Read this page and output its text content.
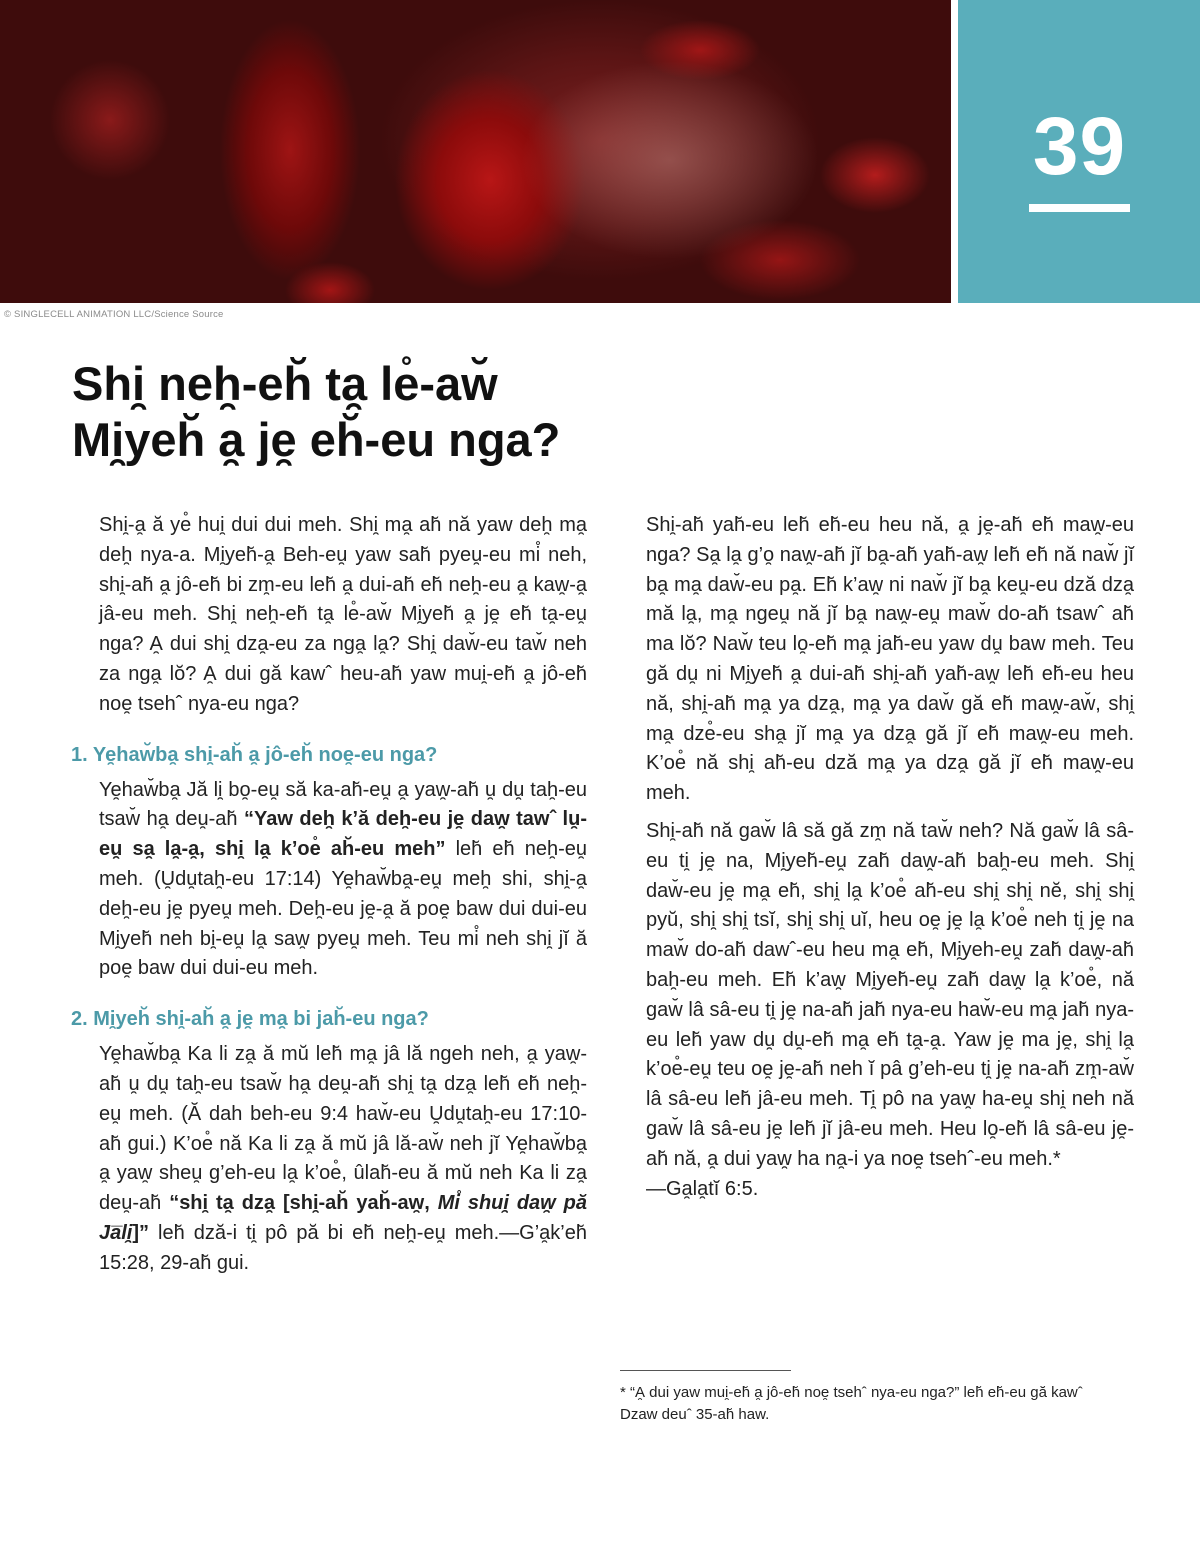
© SINGLECELL ANIMATION LLC/Science Source
39
Shi̯ neh̯-eh̆ ta̯ le̊-aw̆
Mi̯yeh̆ a̯ je̯ eh̆-eu nga?

Shi̯-a̯ ă ye̊ hui̯ dui dui meh. Shi̯ ma̯ ah̆ nă yaw deh̯ ma̯ deh̯ nya-a. Mi̯yeh̆-a̯ Beh-eu̯ yaw sah̆ pyeu̯-eu mi̊ neh, shi̯-ah̆ a̯ jô-eh̆ bi zm̯-eu leh̆ a̯ dui-ah̆ eh̆ neh̯-eu a̯ kaw̯-a̯ jâ-eu meh. Shi̯ neh̯-eh̆ ta̯ le̊-aw̆ Mi̯yeh̆ a̯ je̯ eh̆ ta̯-eu̯ nga? A̯ dui shi̯ dza̯-eu za nga̯ la̯? Shi̯ daw̆-eu taw̆ neh za nga̯ lŏ? A̯ dui gă kawˆ heu-ah̆ yaw mui̯-eh̆ a̯ jô-eh̆ noe̯ tsehˆ nya-eu nga?

1. Ye̯haw̆ba̯ shi̯-ah̆ a̯ jô-eh̆ noe̯-eu nga?

Ye̯haw̆ba̯ Jă li̯ bo̯-eu̯ să ka-ah̆-eu̯ a̯ yaw̯-ah̆ u̯ du̯ tah̯-eu tsaw̆ ha̯ deu̯-ah̆ “Yaw deh̯ k’ă deh̯-eu je̯ daw̯ tawˆ lu̯-eu̯ sa̯ la̯-a̯, shi̯ la̯ k’oe̊ ah̆-eu meh” leh̆ eh̆ neh̯-eu̯ meh. (U̯du̯tah̯-eu 17:14) Ye̯haw̆ba̯-eu̯ meh̯ shi, shi̯-a̯ deh̯-eu je̯ pyeu̯ meh. Deh̯-eu je̯-a̯ ă poe̯ baw dui dui-eu Mi̯yeh̆ neh bi̯-eu̯ la̯ saw̯ pyeu̯ meh. Teu mi̊ neh shi̯ jĭ ă poe̯ baw dui dui-eu meh.

2. Mi̯yeh̆ shi̯-ah̆ a̯ je̯ ma̯ bi jah̆-eu nga?

Ye̯haw̆ba̯ Ka li za̯ ă mŭ leh̆ ma̯ jâ lă ngeh neh, a̯ yaw̯-ah̆ u̯ du̯ tah̯-eu tsaw̆ ha̯ deu̯-ah̆ shi̯ ta̯ dza̯ leh̆ eh̆ neh̯-eu̯ meh. (Ă dah beh-eu 9:4 haw̆-eu U̯du̯tah̯-eu 17:10-ah̆ gui.) K’oe̊ nă Ka li za̯ ă mŭ jâ lă-aw̆ neh jĭ Ye̯haw̆ba̯ a̯ yaw̯ sheu̯ g’eh-eu la̯ k’oe̊, ûlah̆-eu ă mŭ neh Ka li za̯ deu̯-ah̆ “shi̯ ta̯ dza̯ [shi̯-ah̆ yah̆-aw̯, Mi̊ shui̯ daw̯ pă Ja̅li̯]” leh̆ dză-i ti̯ pô pă bi eh̆ neh̯-eu̯ meh.—G’a̯k’eh̆ 15:28, 29-ah̆ gui.

Shi̯-ah̆ yah̆-eu leh̆ eh̆-eu heu nă, a̯ je̯-ah̆ eh̆ maw̯-eu nga? Sa̯ la̯ g’o̯ naw̯-ah̆ jĭ ba̯-ah̆ yah̆-aw̯ leh̆ eh̆ nă naw̆ jĭ ba̯ ma̯ daw̆-eu pa̯. Eh̆ k’aw̯ ni naw̆ jĭ ba̯ keu̯-eu dză dza̯ mă la̯, ma̯ ngeu̯ nă jĭ ba̯ naw̯-eu̯ maw̆ do-ah̆ tsawˆ ah̆ ma lŏ? Naw̆ teu lo̯-eh̆ ma̯ jah̆-eu yaw du̯ baw meh. Teu gă du̯ ni Mi̯yeh̆ a̯ dui-ah̆ shi̯-ah̆ yah̆-aw̯ leh̆ eh̆-eu heu nă, shi̯-ah̆ ma̯ ya dza̯, ma̯ ya daw̆ gă eh̆ maw̯-aw̆, shi̯ ma̯ dze̊-eu sha̯ jĭ ma̯ ya dza̯ gă jĭ eh̆ maw̯-eu meh. K’oe̊ nă shi̯ ah̆-eu dză ma̯ ya dza̯ gă jĭ eh̆ maw̯-eu meh.

Shi̯-ah̆ nă gaw̆ lâ să gă zm̯ nă taw̆ neh? Nă gaw̆ lâ sâ-eu ti̯ je̯ na, Mi̯yeh̆-eu̯ zah̆ daw̯-ah̆ bah̯-eu meh. Shi̯ daw̆-eu je̯ ma̯ eh̆, shi̯ la̯ k’oe̊ ah̆-eu shi̯ shi̯ nĕ, shi̯ shi̯ pyŭ, shi̯ shi̯ tsĭ, shi̯ shi̯ uĭ, heu oe̯ je̯ la̯ k’oe̊ neh ti̯ je̯ na maw̆ do-ah̆ dawˆ-eu heu ma̯ eh̆, Mi̯yeh-eu̯ zah̆ daw̯-ah̆ bah̯-eu meh. Eh̆ k’aw̯ Mi̯yeh̆-eu̯ zah̆ daw̯ la̯ k’oe̊, nă gaw̆ lâ sâ-eu ti̯ je̯ na-ah̆ jah̆ nya-eu haw̆-eu ma̯ jah̆ nya-eu leh̆ yaw du̯ du̯-eh̆ ma̯ eh̆ ta̯-a̯. Yaw je̯ ma je̯, shi̯ la̯ k’oe̊-eu̯ teu oe̯ je̯-ah̆ neh ĭ pâ g’eh-eu ti̯ je̯ na-ah̆ zm̯-aw̆ lâ sâ-eu leh̆ jâ-eu meh. Ti̯ pô na yaw̯ ha-eu̯ shi̯ neh nă gaw̆ lâ sâ-eu je̯ leh̆ jĭ jâ-eu meh. Heu lo̯-eh̆ lâ sâ-eu je̯-ah̆ nă, a̯ dui yaw̯ ha na̯-i ya noe̯ tsehˆ-eu meh.*
—Ga̯la̯tĭ 6:5.

* “A̯ dui yaw mui̯-eh̆ a̯ jô-eh̆ noe̯ tsehˆ nya-eu nga?” leh̆ eh̆-eu gă kawˆ Dzaw deuˆ 35-ah̆ haw.
